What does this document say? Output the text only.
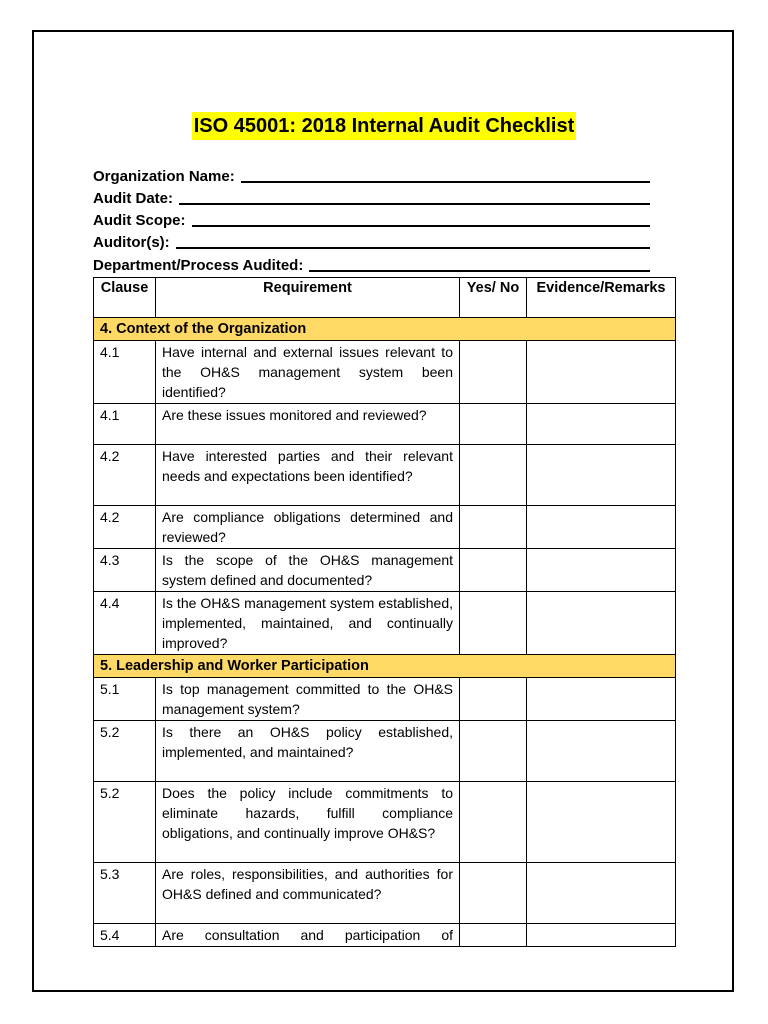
ISO 45001: 2018 Internal Audit Checklist
Organization Name:
Audit Date:
Audit Scope:
Auditor(s):
Department/Process Audited:
Clause	Requirement	Yes/ No	Evidence/Remarks
4. Context of the Organization			
4.1	Have internal and external issues relevant to the OH&S management system been identified?		
4.1	Are these issues monitored and reviewed?		
4.2	Have interested parties and their relevant needs and expectations been identified?		
4.2	Are compliance obligations determined and reviewed?		
4.3	Is the scope of the OH&S management system defined and documented?		
4.4	Is the OH&S management system established, implemented, maintained, and continually improved?		
5. Leadership and Worker Participation			
5.1	Is top management committed to the OH&S management system?		
5.2	Is there an OH&S policy established, implemented, and maintained?		
5.2	Does the policy include commitments to eliminate hazards, fulfill compliance obligations, and continually improve OH&S?		
5.3	Are roles, responsibilities, and authorities for OH&S defined and communicated?		
5.4	Are consultation and participation of		
